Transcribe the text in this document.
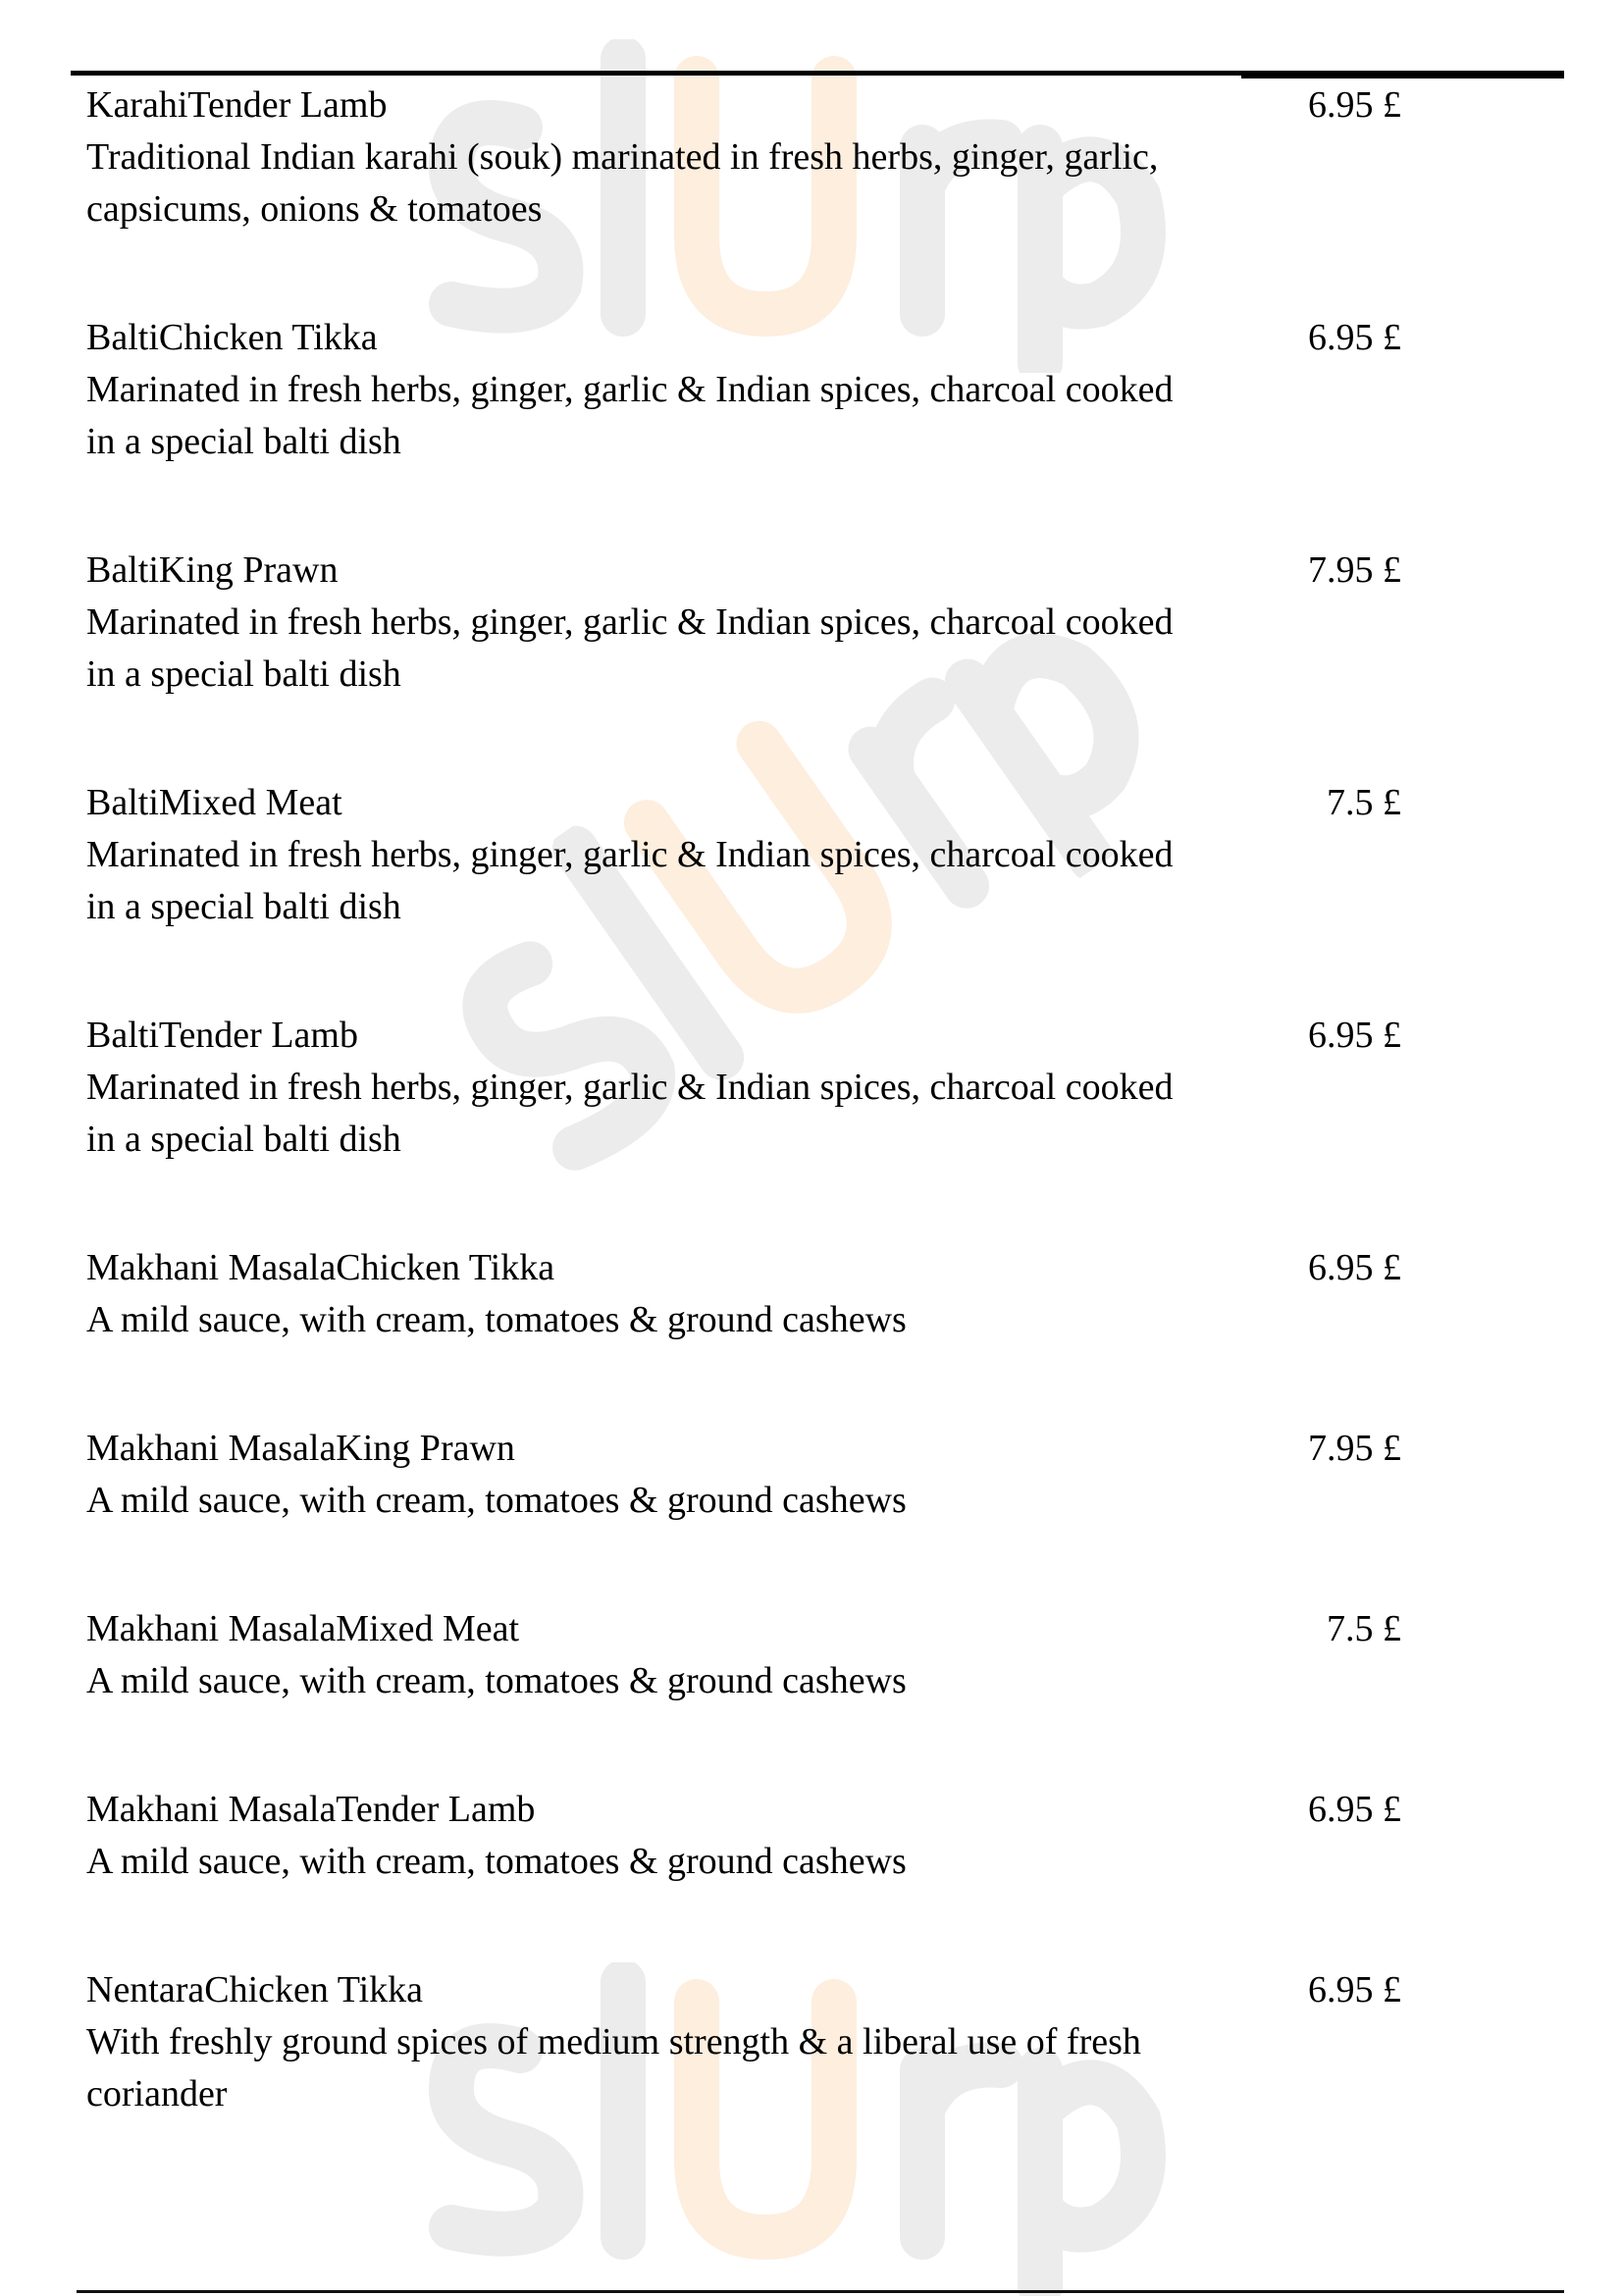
KarahiTender Lamb
Traditional Indian karahi (souk) marinated in fresh herbs, ginger, garlic, capsicums, onions & tomatoes
6.95 £
BaltiChicken Tikka
Marinated in fresh herbs, ginger, garlic & Indian spices, charcoal cooked in a special balti dish
6.95 £
BaltiKing Prawn
Marinated in fresh herbs, ginger, garlic & Indian spices, charcoal cooked in a special balti dish
7.95 £
BaltiMixed Meat
Marinated in fresh herbs, ginger, garlic & Indian spices, charcoal cooked in a special balti dish
7.5 £
BaltiTender Lamb
Marinated in fresh herbs, ginger, garlic & Indian spices, charcoal cooked in a special balti dish
6.95 £
Makhani MasalaChicken Tikka
A mild sauce, with cream, tomatoes & ground cashews
6.95 £
Makhani MasalaKing Prawn
A mild sauce, with cream, tomatoes & ground cashews
7.95 £
Makhani MasalaMixed Meat
A mild sauce, with cream, tomatoes & ground cashews
7.5 £
Makhani MasalaTender Lamb
A mild sauce, with cream, tomatoes & ground cashews
6.95 £
NentaraChicken Tikka
With freshly ground spices of medium strength & a liberal use of fresh coriander
6.95 £
